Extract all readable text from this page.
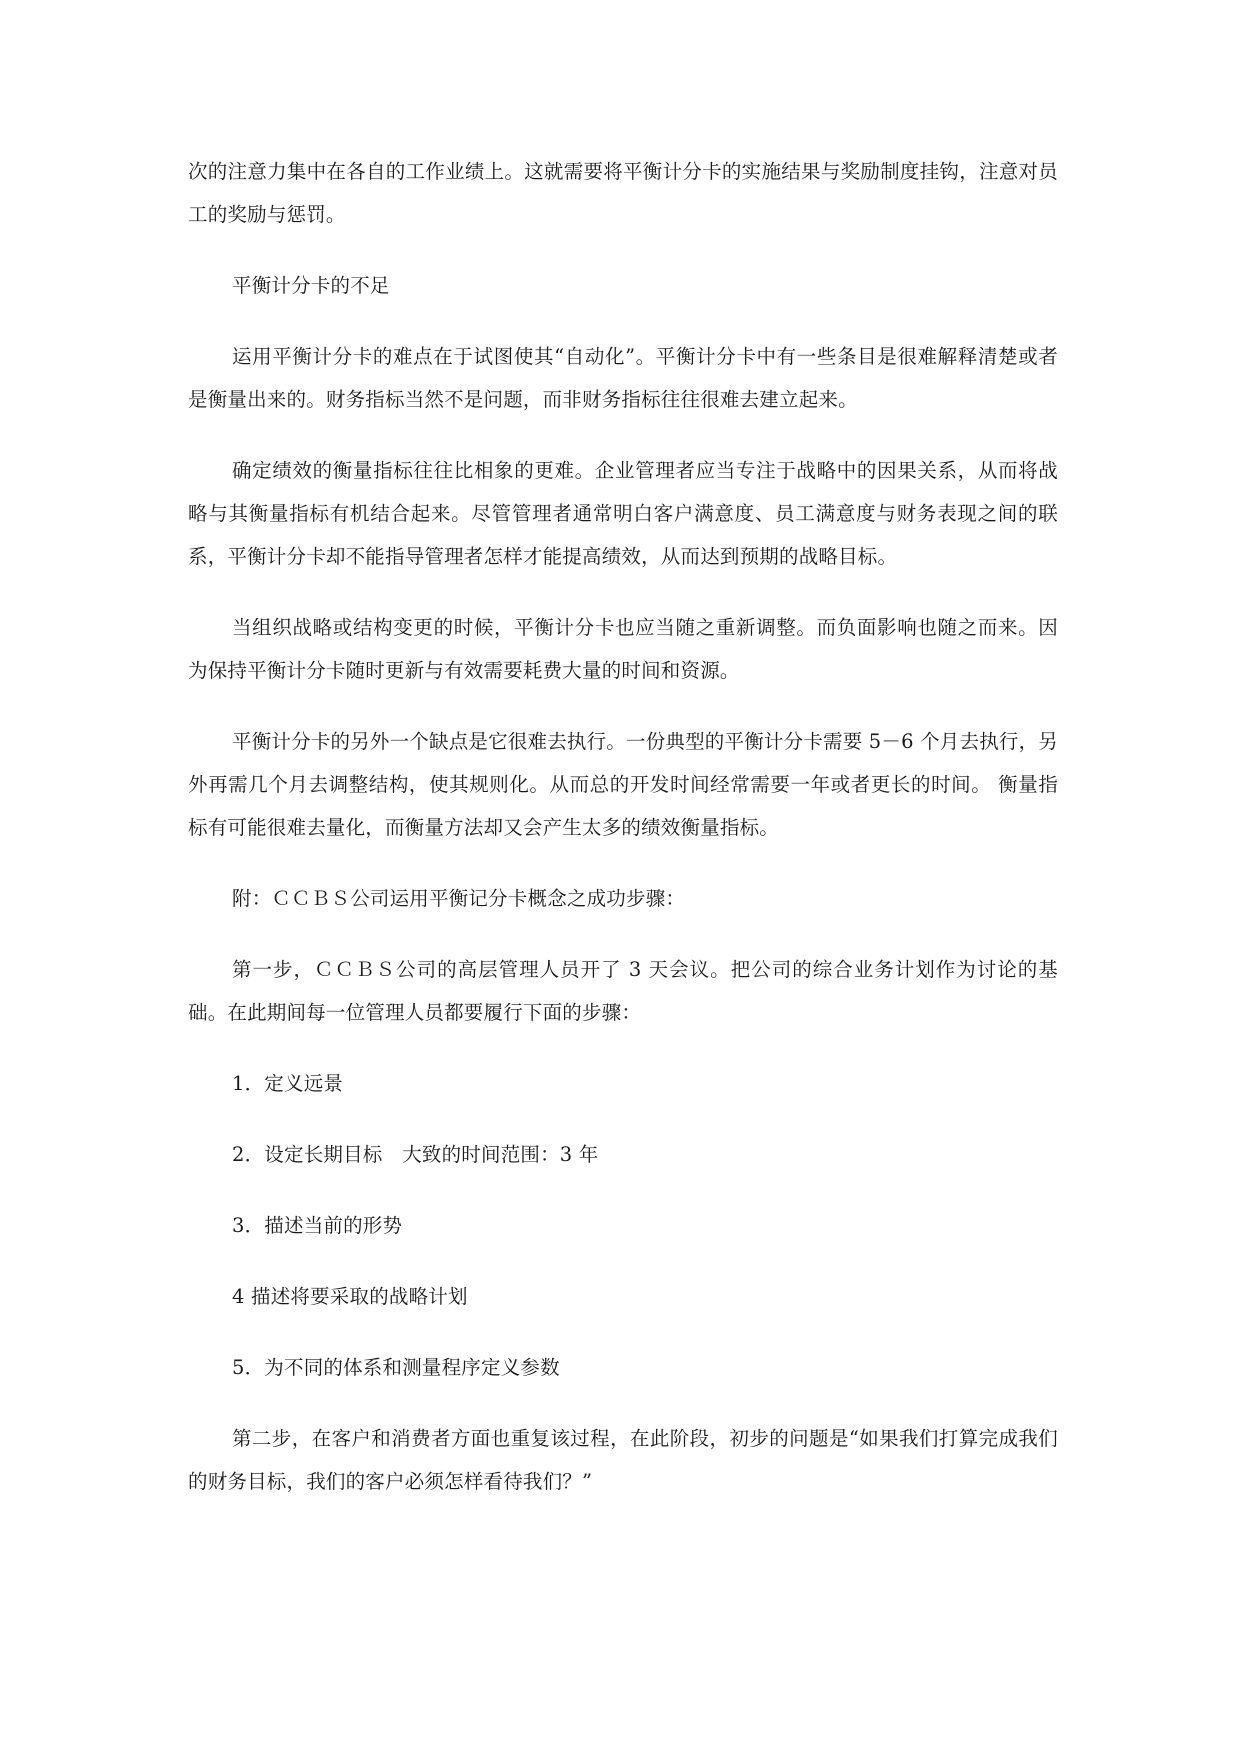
次的注意力集中在各自的工作业绩上。这就需要将平衡计分卡的实施结果与奖励制度挂钩，注意对员工的奖励与惩罚。

平衡计分卡的不足

运用平衡计分卡的难点在于试图使其“自动化”。平衡计分卡中有一些条目是很难解释清楚或者是衡量出来的。财务指标当然不是问题，而非财务指标往往很难去建立起来。

确定绩效的衡量指标往往比相象的更难。企业管理者应当专注于战略中的因果关系，从而将战略与其衡量指标有机结合起来。尽管管理者通常明白客户满意度、员工满意度与财务表现之间的联系，平衡计分卡却不能指导管理者怎样才能提高绩效，从而达到预期的战略目标。

当组织战略或结构变更的时候，平衡计分卡也应当随之重新调整。而负面影响也随之而来。因为保持平衡计分卡随时更新与有效需要耗费大量的时间和资源。

平衡计分卡的另外一个缺点是它很难去执行。一份典型的平衡计分卡需要 5－6 个月去执行，另外再需几个月去调整结构，使其规则化。从而总的开发时间经常需要一年或者更长的时间。 衡量指标有可能很难去量化，而衡量方法却又会产生太多的绩效衡量指标。

附：ＣＣＢＳ公司运用平衡记分卡概念之成功步骤：

第一步，ＣＣＢＳ公司的高层管理人员开了 3 天会议。把公司的综合业务计划作为讨论的基础。在此期间每一位管理人员都要履行下面的步骤：

1．定义远景

2．设定长期目标　大致的时间范围：3 年

3．描述当前的形势

4 描述将要采取的战略计划

5．为不同的体系和测量程序定义参数

第二步，在客户和消费者方面也重复该过程，在此阶段，初步的问题是“如果我们打算完成我们的财务目标，我们的客户必须怎样看待我们？”
